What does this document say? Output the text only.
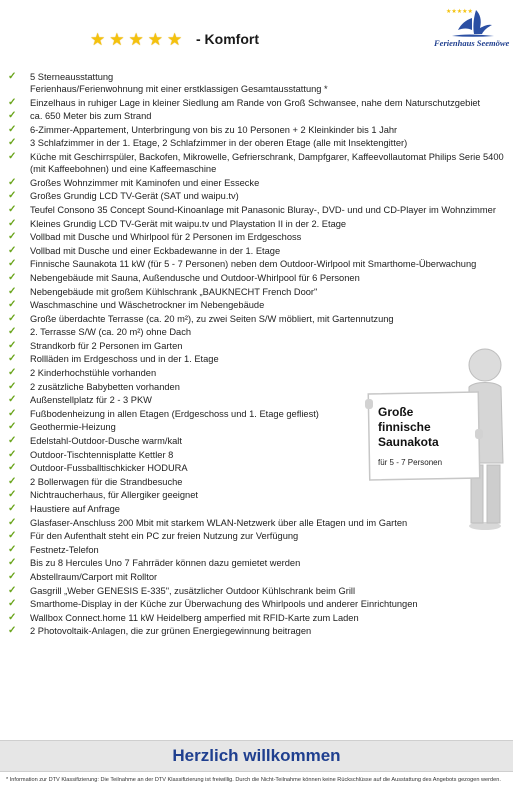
★ ★ ★ ★ ★ - Komfort
★★★★★
Ferienhaus Seemöwe
✓	5 Sterneausstattung
Ferienhaus/Ferienwohnung mit einer erstklassigen Gesamtausstattung *
✓	Einzelhaus in ruhiger Lage in kleiner Siedlung am Rande von Groß Schwansee, nahe dem Naturschutzgebiet
✓	ca. 650 Meter bis zum Strand
✓	6-Zimmer-Appartement, Unterbringung von bis zu 10 Personen + 2 Kleinkinder bis 1 Jahr
✓	3 Schlafzimmer in der 1. Etage, 2 Schlafzimmer in der oberen Etage (alle mit Insektengitter)
✓	Küche mit Geschirrspüler, Backofen, Mikrowelle, Gefrierschrank, Dampfgarer, Kaffeevollautomat Philips Serie 5400 (mit Kaffeebohnen) und eine Kaffeemaschine
✓	Großes Wohnzimmer mit Kaminofen und einer Essecke
✓	Großes Grundig LCD TV-Gerät (SAT und waipu.tv)
✓	Teufel Consono 35 Concept Sound-Kinoanlage mit Panasonic Bluray-, DVD- und und CD-Player im Wohnzimmer
✓	Kleines Grundig LCD TV-Gerät mit waipu.tv und Playstation II in der 2. Etage
✓	Vollbad mit Dusche und Whirlpool für 2 Personen im Erdgeschoss
✓	Vollbad mit Dusche und einer Eckbadewanne in der 1. Etage
✓	Finnische Saunakota 11 kW (für 5 - 7 Personen) neben dem Outdoor-Wirlpool mit Smarthome-Überwachung
✓	Nebengebäude mit Sauna, Außendusche und Outdoor-Whirlpool für 6 Personen
✓	Nebengebäude mit großem Kühlschrank „BAUKNECHT French Door"
✓	Waschmaschine und Wäschetrockner im Nebengebäude
✓	Große überdachte Terrasse (ca. 20 m²), zu zwei Seiten S/W möbliert, mit Gartennutzung
✓	2. Terrasse S/W (ca. 20 m²) ohne Dach
✓	Strandkorb für 2 Personen im Garten
✓	Rollläden im Erdgeschoss und in der 1. Etage
✓	2 Kinderhochstühle vorhanden
✓	2 zusätzliche Babybetten vorhanden
✓	Außenstellplatz für 2 - 3 PKW
✓	Fußbodenheizung in allen Etagen (Erdgeschoss und 1. Etage gefliest)
✓	Geothermie-Heizung
✓	Edelstahl-Outdoor-Dusche warm/kalt
✓	Outdoor-Tischtennisplatte Kettler 8
✓	Outdoor-Fussballtischkicker HODURA
✓	2 Bollerwagen für die Strandbesuche
✓	Nichtraucherhaus, für Allergiker geeignet
✓	Haustiere auf Anfrage
✓	Glasfaser-Anschluss 200 Mbit mit starkem WLAN-Netzwerk über alle Etagen und im Garten
✓	Für den Aufenthalt steht ein PC zur freien Nutzung zur Verfügung
✓	Festnetz-Telefon
✓	Bis zu 8 Hercules Uno 7 Fahrräder können dazu gemietet werden
✓	Abstellraum/Carport mit Rolltor
✓	Gasgrill „Weber GENESIS E-335", zusätzlicher Outdoor Kühlschrank beim Grill
✓	Smarthome-Display in der Küche zur Überwachung des Whirlpools und anderer Einrichtungen
✓	Wallbox Connect.home 11 kW Heidelberg amperfied mit RFID-Karte zum Laden
✓	2 Photovoltaik-Anlagen, die zur grünen Energiegewinnung beitragen
Große
finnische
Saunakota
für 5 - 7 Personen
Herzlich willkommen
* Information zur DTV Klassifizierung: Die Teilnahme an der DTV Klassifizierung ist freiwillig. Durch die Nicht-Teilnahme können keine Rückschlüsse auf die Ausstattung des Angebots gezogen werden.
